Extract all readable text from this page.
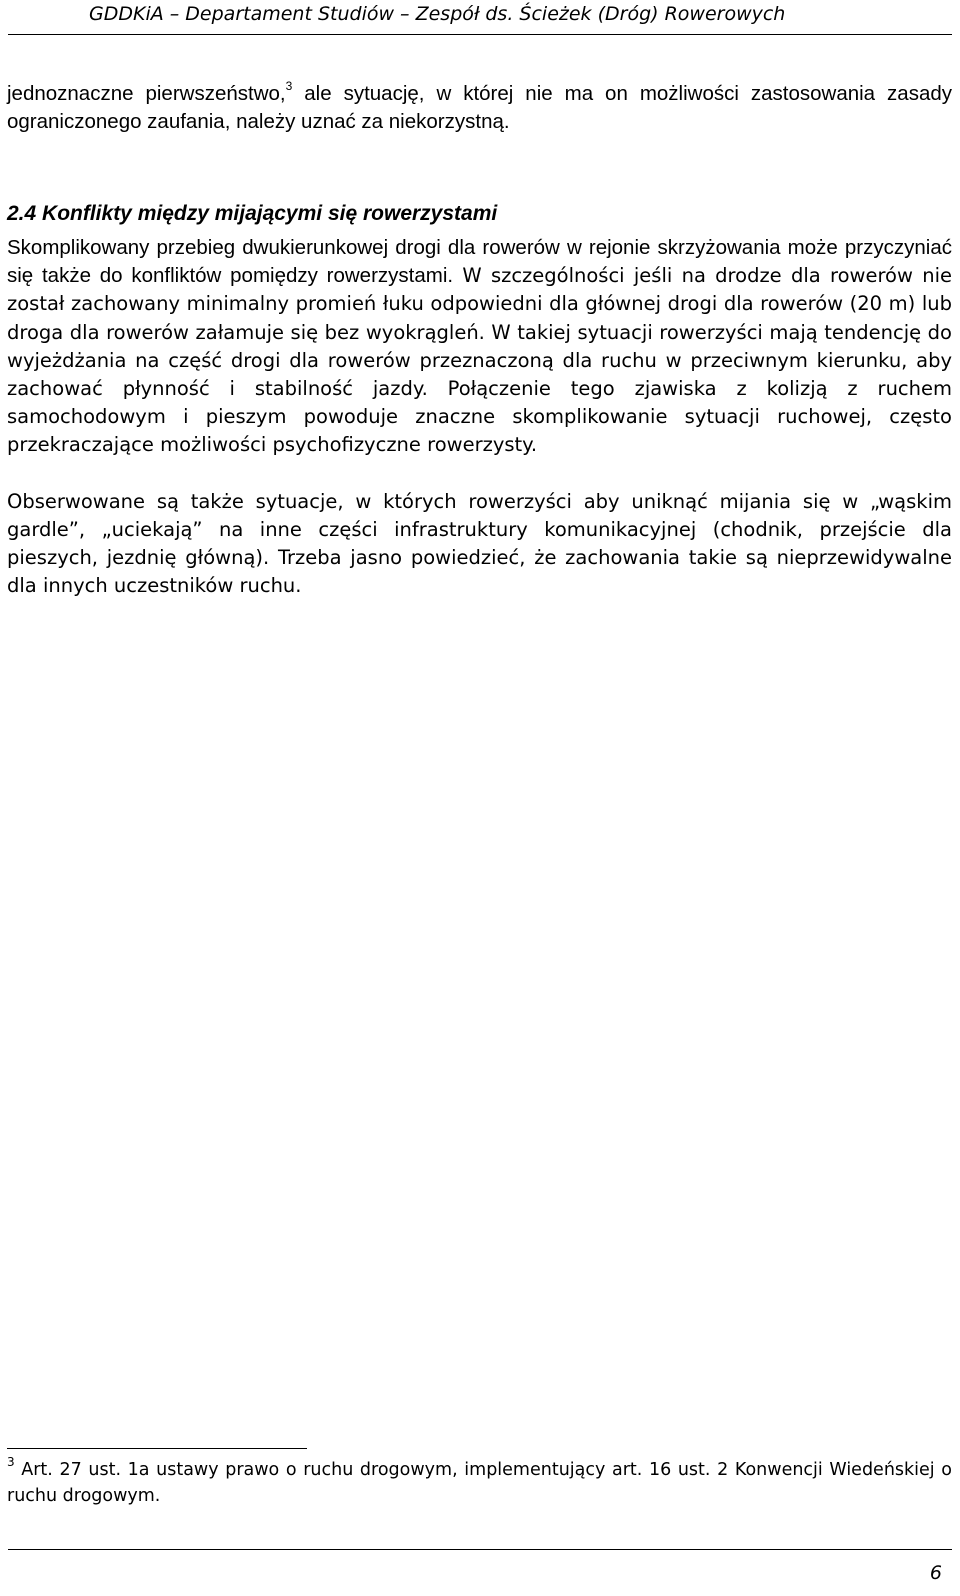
GDDKiA – Departament Studiów – Zespół ds. Ścieżek (Dróg) Rowerowych

jednoznaczne pierwszeństwo,$^3$ ale sytuację, w której nie ma on możliwości zastosowania zasady ograniczonego zaufania, należy uznać za niekorzystną.

2.4 Konflikty między mijającymi się rowerzystami

Skomplikowany przebieg dwukierunkowej drogi dla rowerów w rejonie skrzyżowania może przyczyniać się także do konfliktów pomiędzy rowerzystami. W szczególności jeśli na drodze dla rowerów nie został zachowany minimalny promień łuku odpowiedni dla głównej drogi dla rowerów (20 m) lub droga dla rowerów załamuje się bez wyokrągleń. W takiej sytuacji rowerzyści mają tendencję do wyjeżdżania na część drogi dla rowerów przeznaczoną dla ruchu w przeciwnym kierunku, aby zachować płynność i stabilność jazdy. Połączenie tego zjawiska z kolizją z ruchem samochodowym i pieszym powoduje znaczne skomplikowanie sytuacji ruchowej, często przekraczające możliwości psychofizyczne rowerzysty.

Obserwowane są także sytuacje, w których rowerzyści aby uniknąć mijania się w „wąskim gardle”, „uciekają” na inne części infrastruktury komunikacyjnej (chodnik, przejście dla pieszych, jezdnię główną). Trzeba jasno powiedzieć, że zachowania takie są nieprzewidywalne dla innych uczestników ruchu.

$^3$ Art. 27 ust. 1a ustawy prawo o ruchu drogowym, implementujący art. 16 ust. 2 Konwencji Wiedeńskiej o ruchu drogowym.
6
